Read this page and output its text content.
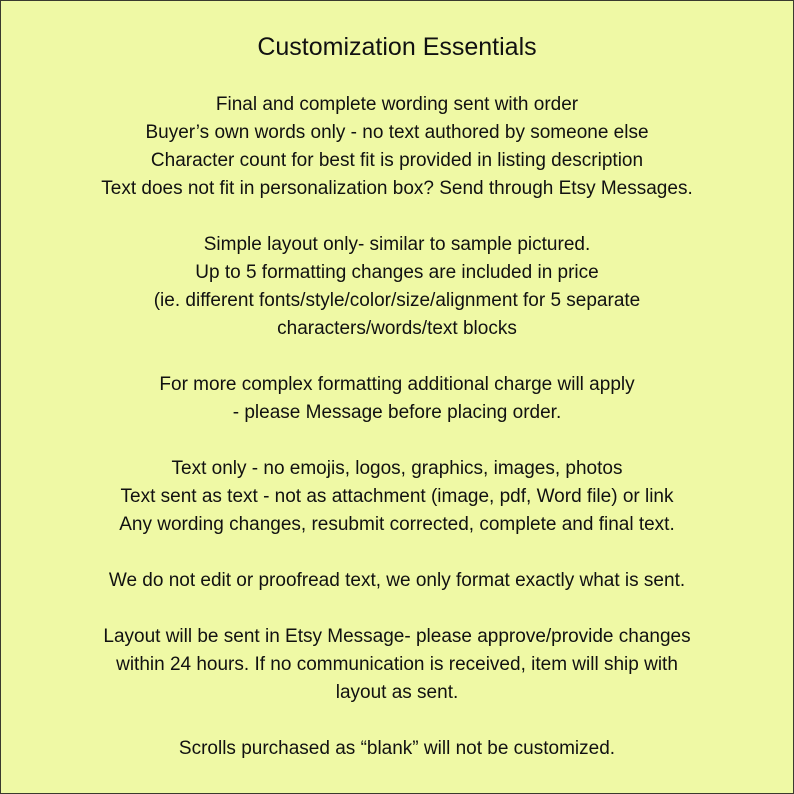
Customization Essentials
Final and complete wording sent with order
Buyer’s own words only - no text authored by someone else
Character count for best fit is provided in listing description
Text does not fit in personalization box? Send through Etsy Messages.
Simple layout only- similar to sample pictured.
Up to 5 formatting changes are included in price
(ie. different fonts/style/color/size/alignment for 5 separate
characters/words/text blocks
For more complex formatting additional charge will apply
- please Message before placing order.
Text only - no emojis, logos, graphics, images, photos
Text sent as text - not as attachment (image, pdf, Word file) or link
Any wording changes, resubmit corrected, complete and final text.
We do not edit or proofread text, we only format exactly what is sent.
Layout will be sent in Etsy Message- please approve/provide changes
within 24 hours. If no communication is received, item will ship with
layout as sent.
Scrolls purchased as “blank” will not be customized.
